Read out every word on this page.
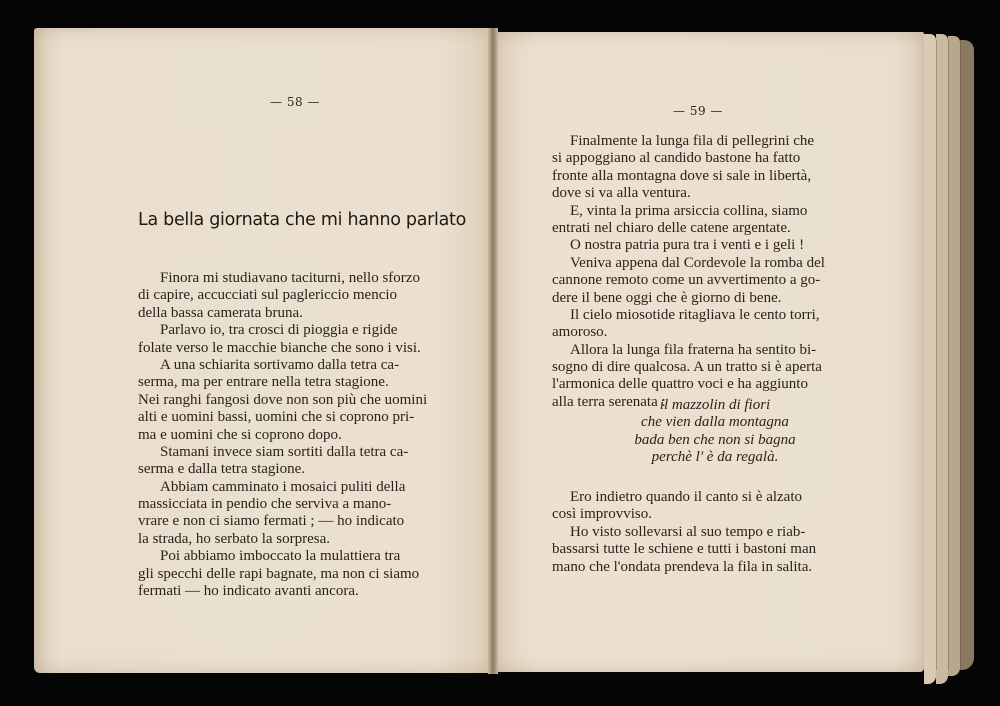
— 58 —
La bella giornata che mi hanno parlato
Finora mi studiavano taciturni, nello sforzo
di capire, accucciati sul paglericcio mencio
della bassa camerata bruna.
Parlavo io, tra crosci di pioggia e rigide
folate verso le macchie bianche che sono i visi.
A una schiarita sortivamo dalla tetra ca-
serma, ma per entrare nella tetra stagione.
Nei ranghi fangosi dove non son più che uomini
alti e uomini bassi, uomini che si coprono pri-
ma e uomini che si coprono dopo.
Stamani invece siam sortiti dalla tetra ca-
serma e dalla tetra stagione.
Abbiam camminato i mosaici puliti della
massicciata in pendio che serviva a mano-
vrare e non ci siamo fermati ; — ho indicato
la strada, ho serbato la sorpresa.
Poi abbiamo imboccato la mulattiera tra
gli specchi delle rapi bagnate, ma non ci siamo
fermati — ho indicato avanti ancora.
— 59 —
Finalmente la lunga fila di pellegrini che
si appoggiano al candido bastone ha fatto
fronte alla montagna dove si sale in libertà,
dove si va alla ventura.
E, vinta la prima arsiccia collina, siamo
entrati nel chiaro delle catene argentate.
O nostra patria pura tra i venti e i geli !
Veniva appena dal Cordevole la romba del
cannone remoto come un avvertimento a go-
dere il bene oggi che è giorno di bene.
Il cielo miosotide ritagliava le cento torri,
amoroso.
Allora la lunga fila fraterna ha sentito bi-
sogno di dire qualcosa. A un tratto si è aperta
l'armonica delle quattro voci e ha aggiunto
alla terra serenata :
il mazzolin di fiori
che vien dalla montagna
bada ben che non si bagna
perchè l' è da regalà.
Ero indietro quando il canto si è alzato
così improvviso.
Ho visto sollevarsi al suo tempo e riab-
bassarsi tutte le schiene e tutti i bastoni man
mano che l'ondata prendeva la fila in salita.
